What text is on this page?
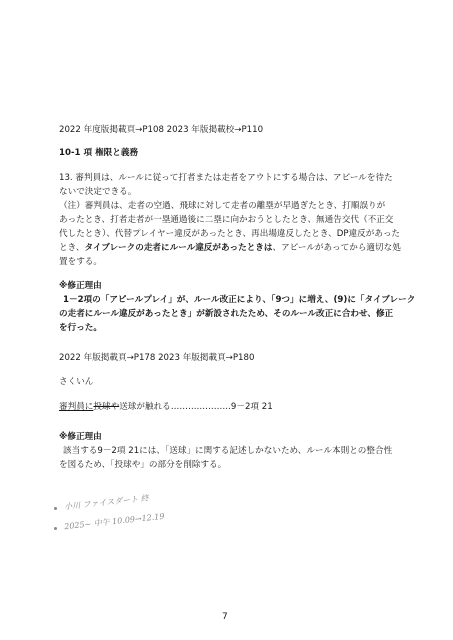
2022 年度版掲載頁→P108 2023 年版掲載校→P110
10-1 項 権限と義務
13. 審判員は、ルールに従って打者または走者をアウトにする場合は、アピールを待た
ないで決定できる。
（注）審判員は、走者の空過、飛球に対して走者の離塁が早過ぎたとき、打順誤りが
あったとき、打者走者が一塁通過後に二塁に向かおうとしたとき、無通告交代（不正交
代したとき）、代替プレイヤー違反があったとき、再出場違反したとき、DP違反があった
とき、タイブレークの走者にルール違反があったときは、アピールがあってから適切な処
置をする。
※修正理由
1－2項の「アピールプレイ」が、ルール改正により、「9つ」に増え、(9)に「タイブレーク
の走者にルール違反があったとき」が新設されたため、そのルール改正に合わせ、修正
を行った。
2022 年版掲載頁→P178 2023 年版掲載頁→P180
さくいん
審判員に投球や送球が触れる…………………9－2項 21
※修正理由
該当する9－2項 21には、「送球」に関する記述しかないため、ルール本則との整合性
を図るため、「投球や」の部分を削除する。
小川 ファイスダート 終
2025~ 中午 10.09→12.19
7
